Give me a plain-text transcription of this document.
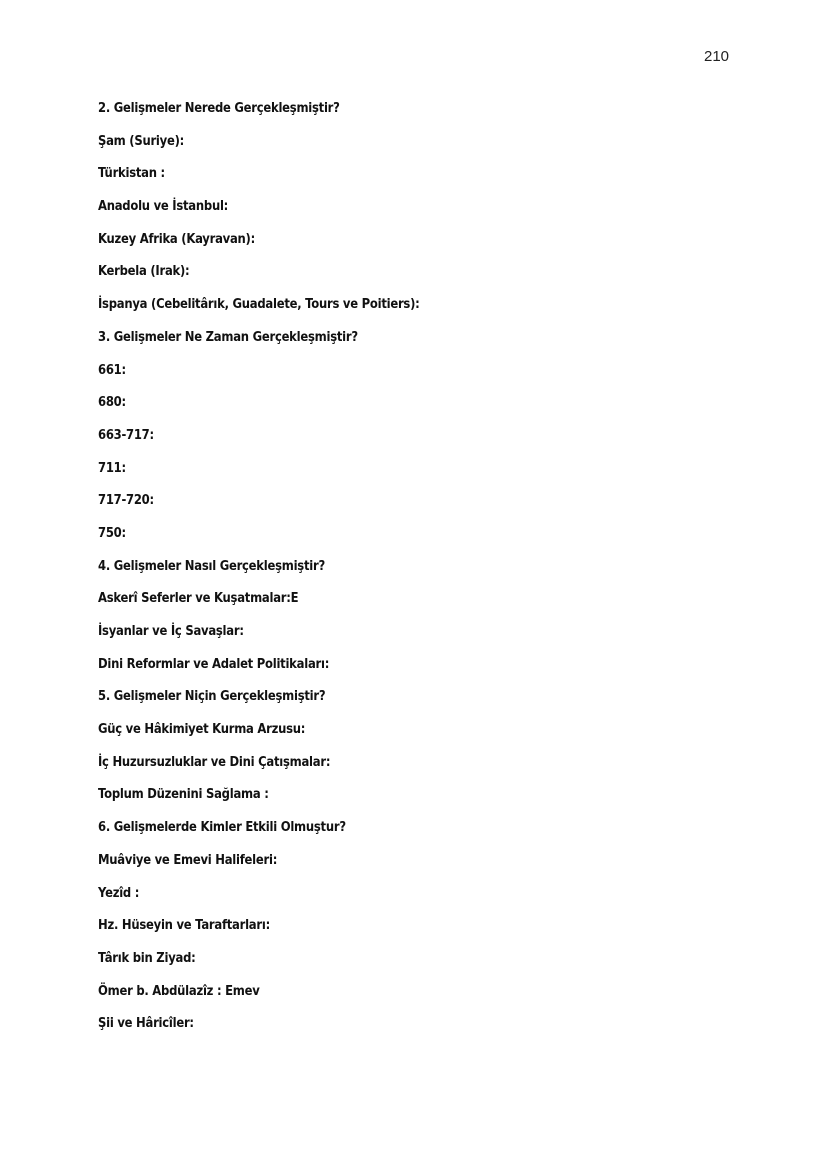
210
2. Gelişmeler Nerede Gerçekleşmiştir?
Şam (Suriye):
Türkistan :
Anadolu ve İstanbul:
Kuzey Afrika (Kayravan):
Kerbela (Irak):
İspanya (Cebelitârık, Guadalete, Tours ve Poitiers):
3. Gelişmeler Ne Zaman Gerçekleşmiştir?
661:
680:
663-717:
711:
717-720:
750:
4. Gelişmeler Nasıl Gerçekleşmiştir?
Askerî Seferler ve Kuşatmalar:E
İsyanlar ve İç Savaşlar:
Dini Reformlar ve Adalet Politikaları:
5. Gelişmeler Niçin Gerçekleşmiştir?
Güç ve Hâkimiyet Kurma Arzusu:
İç Huzursuzluklar ve Dini Çatışmalar:
Toplum Düzenini Sağlama :
6. Gelişmelerde Kimler Etkili Olmuştur?
Muâviye ve Emevi Halifeleri:
Yezîd :
Hz. Hüseyin ve Taraftarları:
Târık bin Ziyad:
Ömer b. Abdülazîz : Emev
Şii ve Hâricîler:
